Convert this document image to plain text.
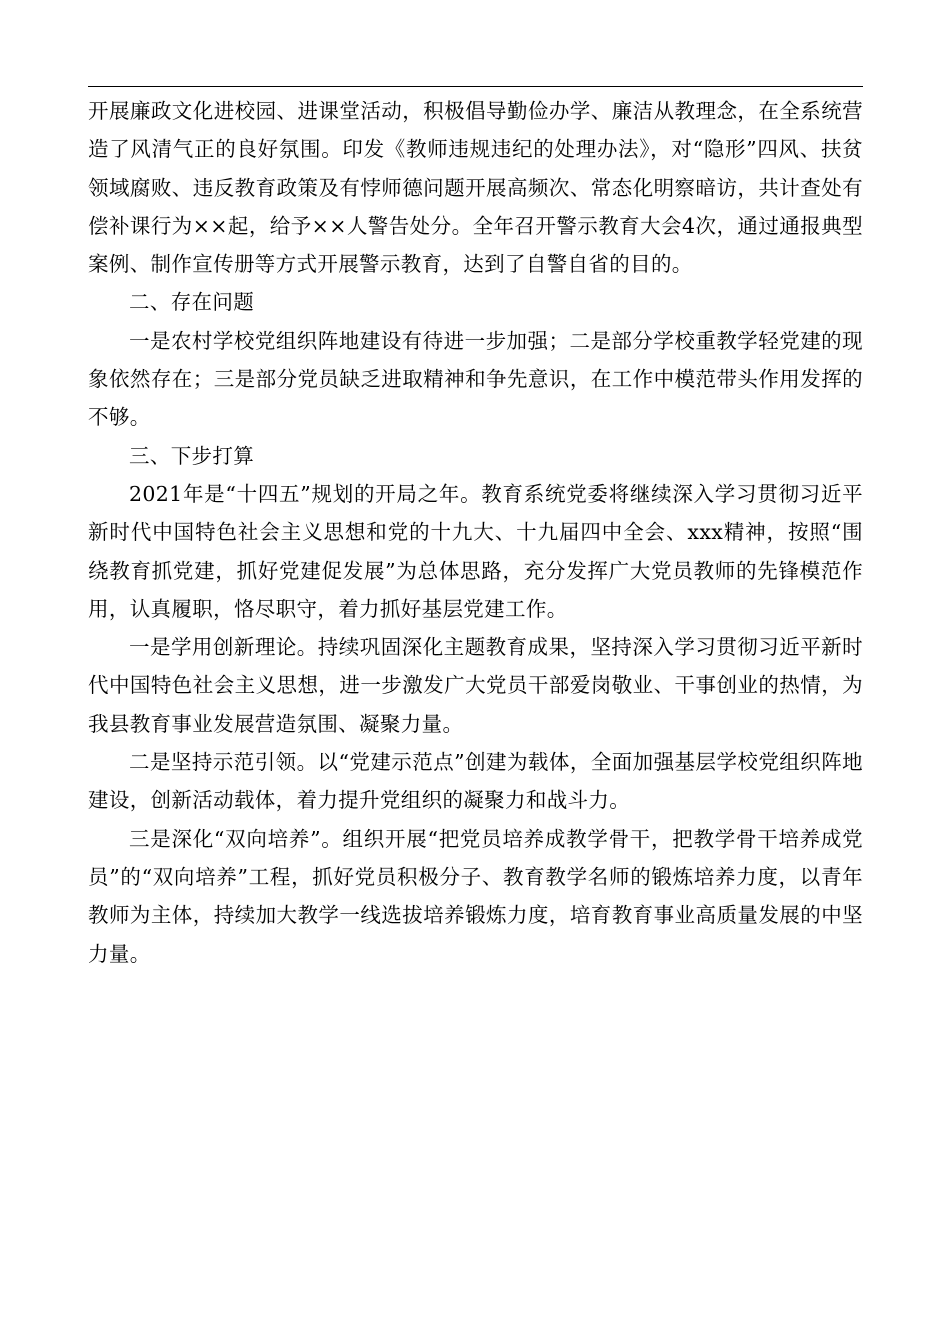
开展廉政文化进校园、进课堂活动，积极倡导勤俭办学、廉洁从教理念，在全系统营造了风清气正的良好氛围。印发《教师违规违纪的处理办法》，对“隐形”四风、扶贫领域腐败、违反教育政策及有悖师德问题开展高频次、常态化明察暗访，共计查处有偿补课行为××起，给予××人警告处分。全年召开警示教育大会4次，通过通报典型案例、制作宣传册等方式开展警示教育，达到了自警自省的目的。

二、存在问题

一是农村学校党组织阵地建设有待进一步加强；二是部分学校重教学轻党建的现象依然存在；三是部分党员缺乏进取精神和争先意识，在工作中模范带头作用发挥的不够。

三、下步打算

2021年是“十四五”规划的开局之年。教育系统党委将继续深入学习贯彻习近平新时代中国特色社会主义思想和党的十九大、十九届四中全会、xxx精神，按照“围绕教育抓党建，抓好党建促发展”为总体思路，充分发挥广大党员教师的先锋模范作用，认真履职，恪尽职守，着力抓好基层党建工作。

一是学用创新理论。持续巩固深化主题教育成果，坚持深入学习贯彻习近平新时代中国特色社会主义思想，进一步激发广大党员干部爱岗敬业、干事创业的热情，为我县教育事业发展营造氛围、凝聚力量。

二是坚持示范引领。以“党建示范点”创建为载体，全面加强基层学校党组织阵地建设，创新活动载体，着力提升党组织的凝聚力和战斗力。

三是深化“双向培养”。组织开展“把党员培养成教学骨干，把教学骨干培养成党员”的“双向培养”工程，抓好党员积极分子、教育教学名师的锻炼培养力度，以青年教师为主体，持续加大教学一线选拔培养锻炼力度，培育教育事业高质量发展的中坚力量。
